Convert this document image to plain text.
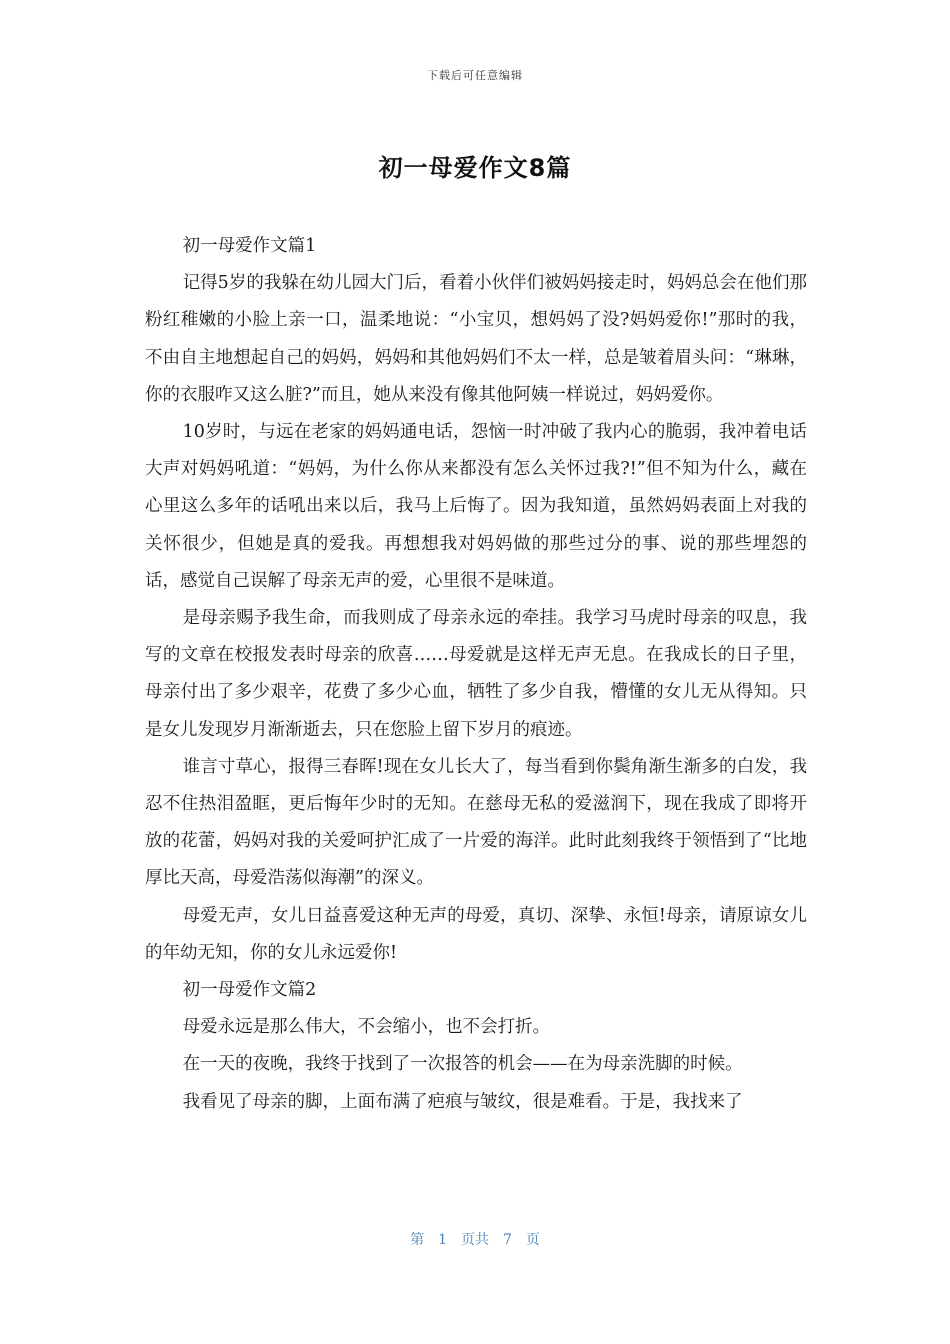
下载后可任意编辑
初一母爱作文8篇

初一母爱作文篇1

记得5岁的我躲在幼儿园大门后，看着小伙伴们被妈妈接走时，妈妈总会在他们那粉红稚嫩的小脸上亲一口，温柔地说：“小宝贝，想妈妈了没?妈妈爱你!”那时的我，不由自主地想起自己的妈妈，妈妈和其他妈妈们不太一样，总是皱着眉头问：“琳琳，你的衣服咋又这么脏?”而且，她从来没有像其他阿姨一样说过，妈妈爱你。

10岁时，与远在老家的妈妈通电话，怨恼一时冲破了我内心的脆弱，我冲着电话大声对妈妈吼道：“妈妈，为什么你从来都没有怎么关怀过我?!”但不知为什么，藏在心里这么多年的话吼出来以后，我马上后悔了。因为我知道，虽然妈妈表面上对我的关怀很少，但她是真的爱我。再想想我对妈妈做的那些过分的事、说的那些埋怨的话，感觉自己误解了母亲无声的爱，心里很不是味道。

是母亲赐予我生命，而我则成了母亲永远的牵挂。我学习马虎时母亲的叹息，我写的文章在校报发表时母亲的欣喜……母爱就是这样无声无息。在我成长的日子里，母亲付出了多少艰辛，花费了多少心血，牺牲了多少自我，懵懂的女儿无从得知。只是女儿发现岁月渐渐逝去，只在您脸上留下岁月的痕迹。

谁言寸草心，报得三春晖!现在女儿长大了，每当看到你鬓角渐生渐多的白发，我忍不住热泪盈眶，更后悔年少时的无知。在慈母无私的爱滋润下，现在我成了即将开放的花蕾，妈妈对我的关爱呵护汇成了一片爱的海洋。此时此刻我终于领悟到了“比地厚比天高，母爱浩荡似海潮”的深义。

母爱无声，女儿日益喜爱这种无声的母爱，真切、深挚、永恒!母亲，请原谅女儿的年幼无知，你的女儿永远爱你!

初一母爱作文篇2

母爱永远是那么伟大，不会缩小，也不会打折。

在一天的夜晚，我终于找到了一次报答的机会——在为母亲洗脚的时候。

我看见了母亲的脚，上面布满了疤痕与皱纹，很是难看。于是，我找来了

第 1 页共 7 页
